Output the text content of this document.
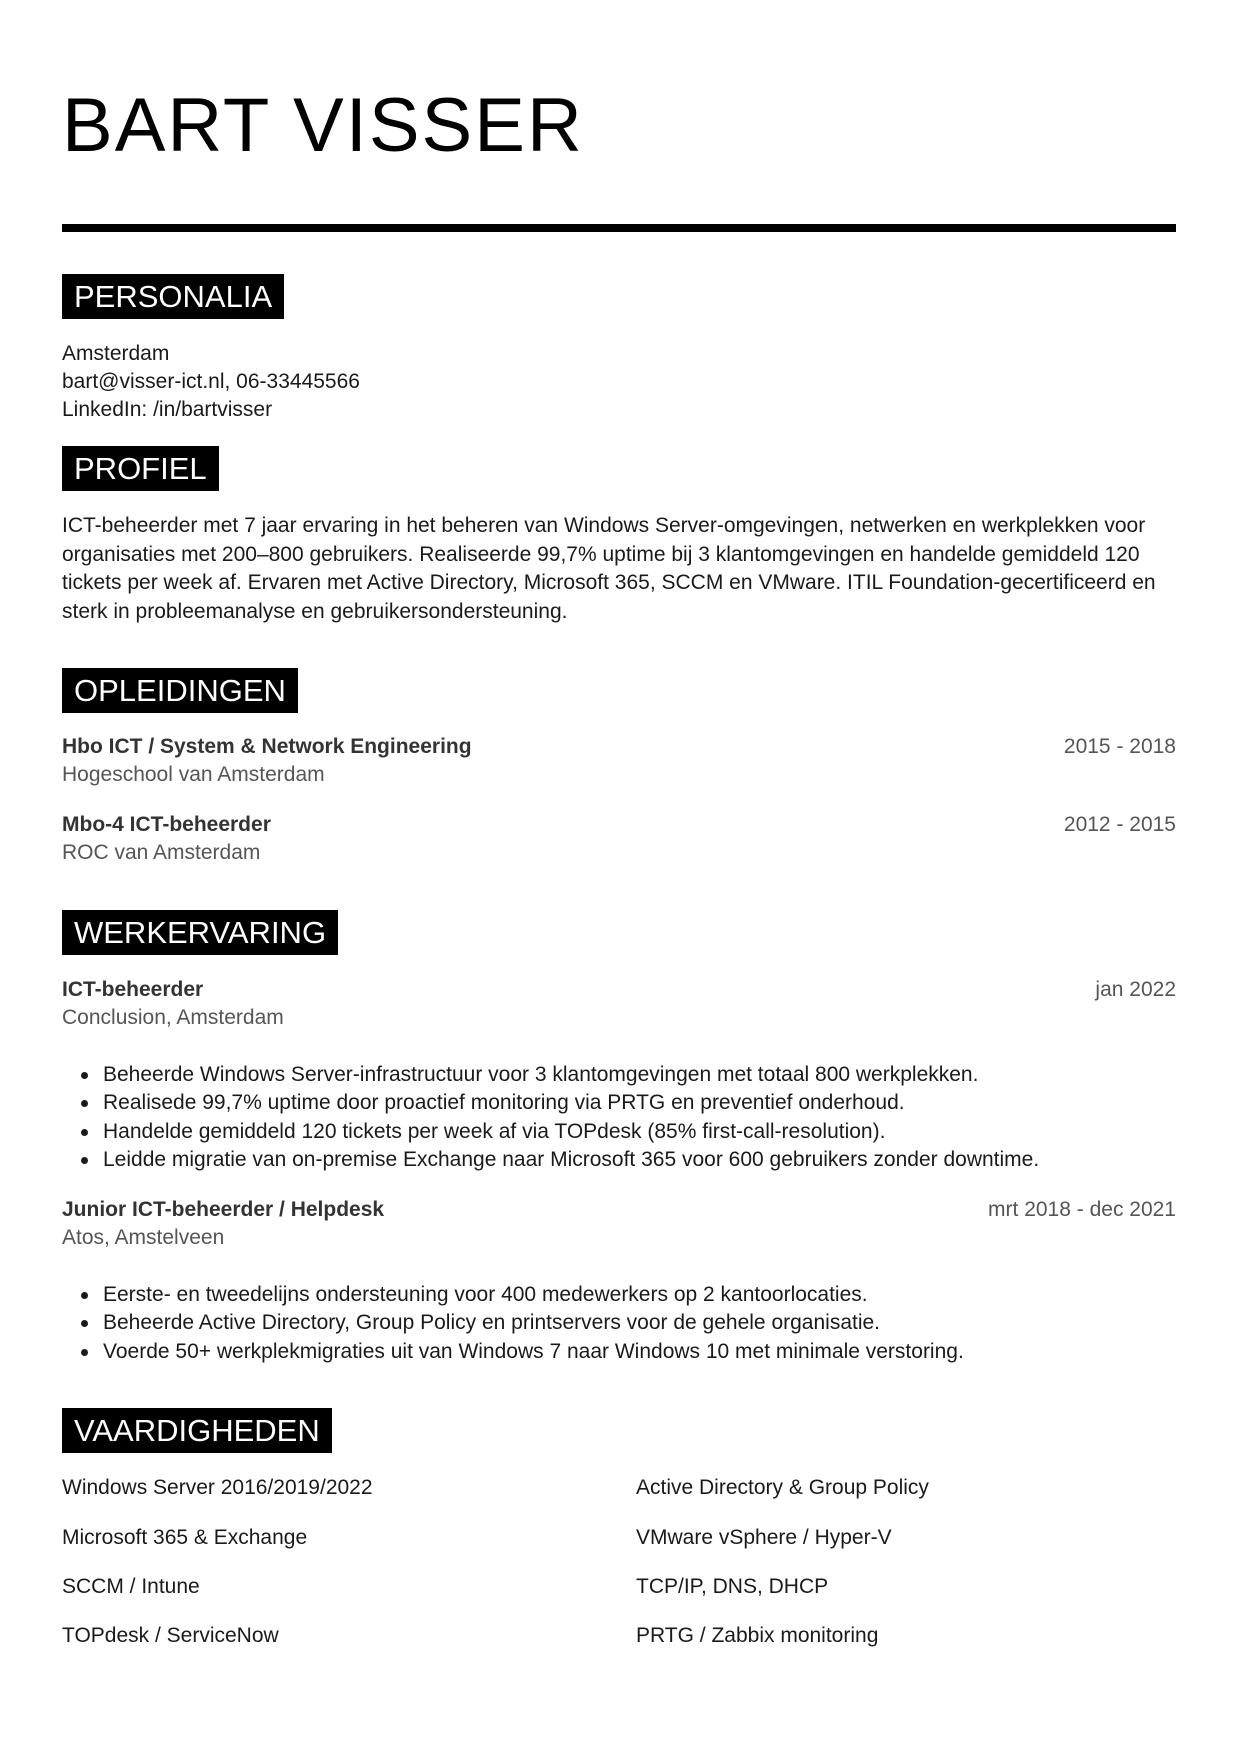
BART VISSER
PERSONALIA
Amsterdam
bart@visser-ict.nl, 06-33445566
LinkedIn: /in/bartvisser
PROFIEL

ICT-beheerder met 7 jaar ervaring in het beheren van Windows Server-omgevingen, netwerken en werkplekken voor organisaties met 200–800 gebruikers. Realiseerde 99,7% uptime bij 3 klantomgevingen en handelde gemiddeld 120 tickets per week af. Ervaren met Active Directory, Microsoft 365, SCCM en VMware. ITIL Foundation-gecertificeerd en sterk in probleemanalyse en gebruikersondersteuning.

OPLEIDINGEN
Hbo ICT / System & Network Engineering	2015 - 2018
Hogeschool van Amsterdam
Mbo-4 ICT-beheerder	2012 - 2015
ROC van Amsterdam
WERKERVARING
ICT-beheerder	jan 2022
Conclusion, Amsterdam
Beheerde Windows Server-infrastructuur voor 3 klantomgevingen met totaal 800 werkplekken.
Realisede 99,7% uptime door proactief monitoring via PRTG en preventief onderhoud.
Handelde gemiddeld 120 tickets per week af via TOPdesk (85% first-call-resolution).
Leidde migratie van on-premise Exchange naar Microsoft 365 voor 600 gebruikers zonder downtime.
Junior ICT-beheerder / Helpdesk	mrt 2018 - dec 2021
Atos, Amstelveen
Eerste- en tweedelijns ondersteuning voor 400 medewerkers op 2 kantoorlocaties.
Beheerde Active Directory, Group Policy en printservers voor de gehele organisatie.
Voerde 50+ werkplekmigraties uit van Windows 7 naar Windows 10 met minimale verstoring.
VAARDIGHEDEN
Windows Server 2016/2019/2022	Active Directory & Group Policy
Microsoft 365 & Exchange	VMware vSphere / Hyper-V
SCCM / Intune	TCP/IP, DNS, DHCP
TOPdesk / ServiceNow	PRTG / Zabbix monitoring
